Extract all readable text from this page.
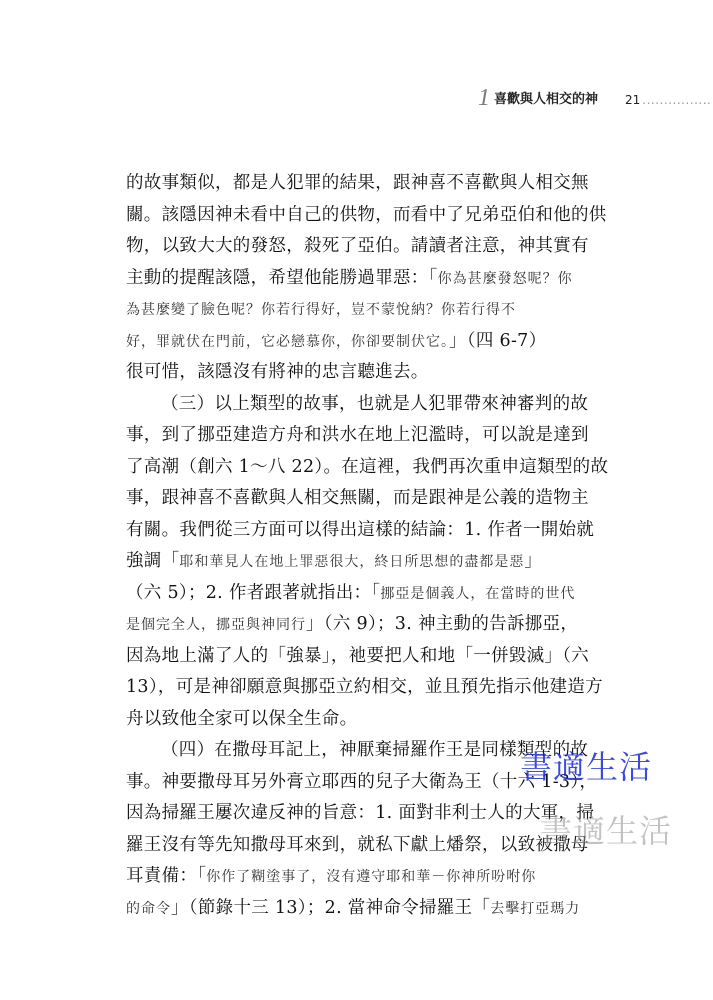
1 喜歡與人相交的神 21 ................
的故事類似，都是人犯罪的結果，跟神喜不喜歡與人相交無
關。該隱因神未看中自己的供物，而看中了兄弟亞伯和他的供
物，以致大大的發怒，殺死了亞伯。請讀者注意，神其實有
主動的提醒該隱，希望他能勝過罪惡：「你為甚麼發怒呢？你
為甚麼變了臉色呢？你若行得好，豈不蒙悅納？你若行得不
好，罪就伏在門前，它必戀慕你，你卻要制伏它。」（四 6-7）
很可惜，該隱沒有將神的忠言聽進去。
（三）以上類型的故事，也就是人犯罪帶來神審判的故
事，到了挪亞建造方舟和洪水在地上氾濫時，可以說是達到
了高潮（創六 1～八 22）。在這裡，我們再次重申這類型的故
事，跟神喜不喜歡與人相交無關，而是跟神是公義的造物主
有關。我們從三方面可以得出這樣的結論：1. 作者一開始就
強調「耶和華見人在地上罪惡很大，終日所思想的盡都是惡」
（六 5）；2. 作者跟著就指出：「挪亞是個義人，在當時的世代
是個完全人，挪亞與神同行」（六 9）；3. 神主動的告訴挪亞，
因為地上滿了人的「強暴」，祂要把人和地「一併毀滅」（六
13），可是神卻願意與挪亞立約相交，並且預先指示他建造方
舟以致他全家可以保全生命。
（四）在撒母耳記上，神厭棄掃羅作王是同樣類型的故
事。神要撒母耳另外膏立耶西的兒子大衛為王（十六 1-3），
因為掃羅王屢次違反神的旨意：1. 面對非利士人的大軍，掃
羅王沒有等先知撒母耳來到，就私下獻上燔祭，以致被撒母
耳責備：「你作了糊塗事了，沒有遵守耶和華－你神所吩咐你
的命令」（節錄十三 13）；2. 當神命令掃羅王「去擊打亞瑪力
書適生活
書適生活
